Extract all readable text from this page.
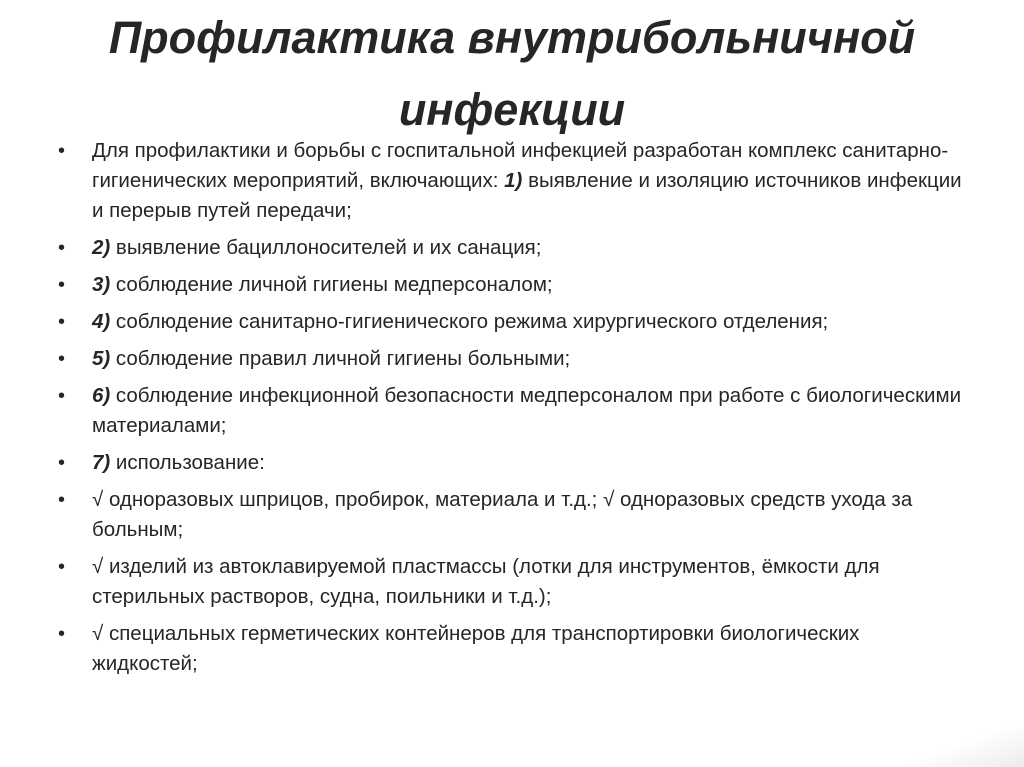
Профилактика внутрибольничной инфекции
•	Для профилактики и борьбы с госпитальной инфекцией разработан комплекс санитарно-гигиенических мероприятий, включающих: 1) выявление и изоляцию источников инфекции и перерыв путей передачи;
•	2) выявление бациллоносителей и их санация;
•	3) соблюдение личной гигиены медперсоналом;
•	4) соблюдение санитарно-гигиенического режима хирургического отделения;
•	5) соблюдение правил личной гигиены больными;
•	6) соблюдение инфекционной безопасности медперсоналом при работе с биологическими материалами;
•	7) использование:
•	√ одноразовых шприцов, пробирок, материала и т.д.; √ одноразовых средств ухода за больным;
•	√ изделий из автоклавируемой пластмассы (лотки для инструментов, ёмкости для стерильных растворов, судна, поильники и т.д.);
•	√ специальных герметических контейнеров для транспортировки биологических жидкостей;
